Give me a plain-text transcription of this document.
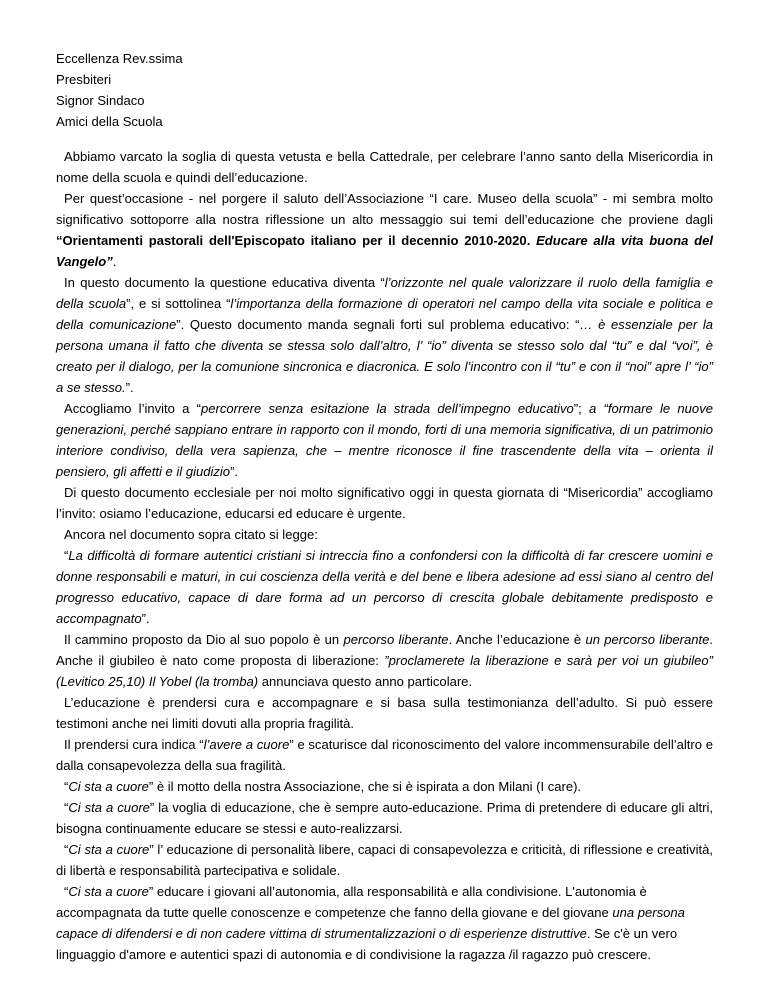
Eccellenza Rev.ssima
Presbiteri
Signor Sindaco
Amici della Scuola

Abbiamo varcato la soglia di questa vetusta e bella Cattedrale, per celebrare l’anno santo della Misericordia in nome della scuola e quindi dell’educazione.

Per quest’occasione - nel porgere il saluto dell’Associazione “I care. Museo della scuola” - mi sembra molto significativo sottoporre alla nostra riflessione un alto messaggio sui temi dell’educazione che proviene dagli “Orientamenti pastorali dell'Episcopato italiano per il decennio 2010-2020. Educare alla vita buona del Vangelo”.

In questo documento la questione educativa diventa “l’orizzonte nel quale valorizzare il ruolo della famiglia e della scuola”, e si sottolinea “l’importanza della formazione di operatori nel campo della vita sociale e politica e della comunicazione”. Questo documento manda segnali forti sul problema educativo: “… è essenziale per la persona umana il fatto che diventa se stessa solo dall’altro, l’ “io” diventa se stesso solo dal “tu” e dal “voi”, è creato per il dialogo, per la comunione sincronica e diacronica. E solo l’incontro con il “tu” e con il “noi” apre l’ “io” a se stesso.”.

Accogliamo l’invito a “percorrere senza esitazione la strada dell’impegno educativo”; a “formare le nuove generazioni, perché sappiano entrare in rapporto con il mondo, forti di una memoria significativa, di un patrimonio interiore condiviso, della vera sapienza, che – mentre riconosce il fine trascendente della vita – orienta il pensiero, gli affetti e il giudizio”.

Di questo documento ecclesiale per noi molto significativo oggi in questa giornata di “Misericordia” accogliamo l’invito: osiamo l’educazione, educarsi ed educare è urgente.

Ancora nel documento sopra citato si legge:

“La difficoltà di formare autentici cristiani si intreccia fino a confondersi con la difficoltà di far crescere uomini e donne responsabili e maturi, in cui coscienza della verità e del bene e libera adesione ad essi siano al centro del progresso educativo, capace di dare forma ad un percorso di crescita globale debitamente predisposto e accompagnato”.

Il cammino proposto da Dio al suo popolo è un percorso liberante. Anche l’educazione è un percorso liberante. Anche il giubileo è nato come proposta di liberazione: ”proclamerete la liberazione e sarà per voi un giubileo” (Levitico 25,10) Il Yobel (la tromba) annunciava questo anno particolare.

L’educazione è prendersi cura e accompagnare e si basa sulla testimonianza dell’adulto. Si può essere testimoni anche nei limiti dovuti alla propria fragilità.

Il prendersi cura indica “l’avere a cuore” e scaturisce dal riconoscimento del valore incommensurabile dell’altro e dalla consapevolezza della sua fragilità.

“Ci sta a cuore” è il motto della nostra Associazione, che si è ispirata a don Milani (I care).

“Ci sta a cuore” la voglia di educazione, che è sempre auto-educazione. Prima di pretendere di educare gli altri, bisogna continuamente educare se stessi e auto-realizzarsi.

“Ci sta a cuore” l’ educazione di personalità libere, capaci di consapevolezza e criticità, di riflessione e creatività, di libertà e responsabilità partecipativa e solidale.

“Ci sta a cuore” educare i giovani all’autonomia, alla responsabilità e alla condivisione. L'autonomia è accompagnata da tutte quelle conoscenze e competenze che fanno della giovane e del giovane una persona capace di difendersi e di non cadere vittima di strumentalizzazioni o di esperienze distruttive. Se c'è un vero linguaggio d'amore e autentici spazi di autonomia e di condivisione la ragazza /il ragazzo può crescere.
